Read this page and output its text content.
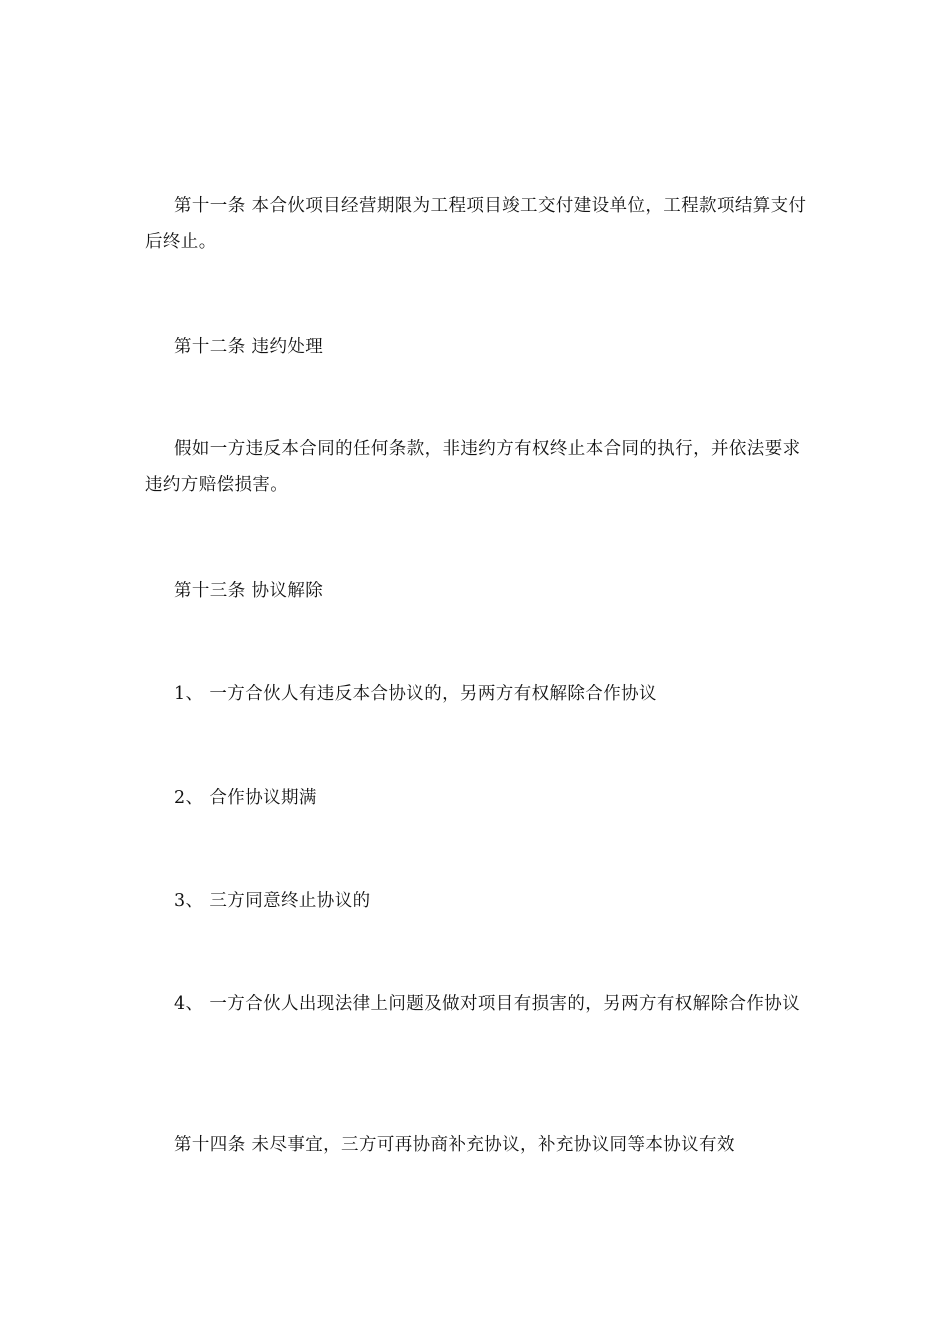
第十一条 本合伙项目经营期限为工程项目竣工交付建设单位，工程款项结算支付后终止。

第十二条 违约处理

假如一方违反本合同的任何条款，非违约方有权终止本合同的执行，并依法要求违约方赔偿损害。

第十三条 协议解除

1、 一方合伙人有违反本合协议的，另两方有权解除合作协议

2、 合作协议期满

3、 三方同意终止协议的

4、 一方合伙人出现法律上问题及做对项目有损害的，另两方有权解除合作协议

第十四条 未尽事宜，三方可再协商补充协议，补充协议同等本协议有效
